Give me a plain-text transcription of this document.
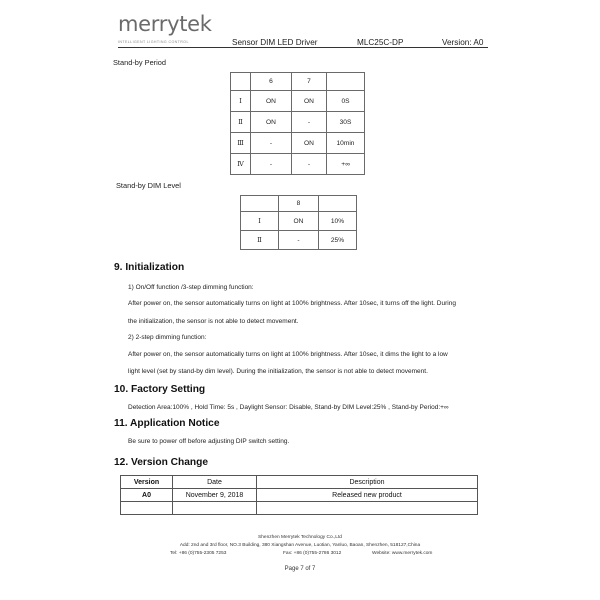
merrytek
INTELLIGENT LIGHTING CONTROL	Sensor DIM LED Driver	MLC25C-DP	Version: A0
Stand-by Period
	6	7	
Ⅰ	ON	ON	0S
Ⅱ	ON	-	30S
Ⅲ	-	ON	10min
Ⅳ	-	-	+∞
Stand-by DIM Level
	8	
Ⅰ	ON	10%
Ⅱ	-	25%
9. Initialization
1) On/Off function /3-step dimming function:
After power on, the sensor automatically turns on light at 100% brightness. After 10sec, it turns off the light. During
the initialization, the sensor is not able to detect movement.
2) 2-step dimming function:
After power on, the sensor automatically turns on light at 100% brightness. After 10sec, it dims the light to a low
light level (set by stand-by dim level). During the initialization, the sensor is not able to detect movement.
10. Factory Setting
Detection Area:100% , Hold Time: 5s , Daylight Sensor: Disable, Stand-by DIM Level:25% , Stand-by Period:+∞
11. Application Notice
Be sure to power off before adjusting DIP switch setting.
12. Version Change
Version	Date	Description
A0	November 9, 2018	Released new product

Shenzhen Merrytek Technology Co.,Ltd
Add: 2nd and 3rd floor, NO.3 Building, 380 Xiangshan Avenue, Luotian, Yanluo, Baoan, Shenzhen, 518127,China
Tel: +86 (0)755-2305 7253	Fax: +86 (0)755-2786 3012	Website: www.merrytek.com
Page 7 of 7
